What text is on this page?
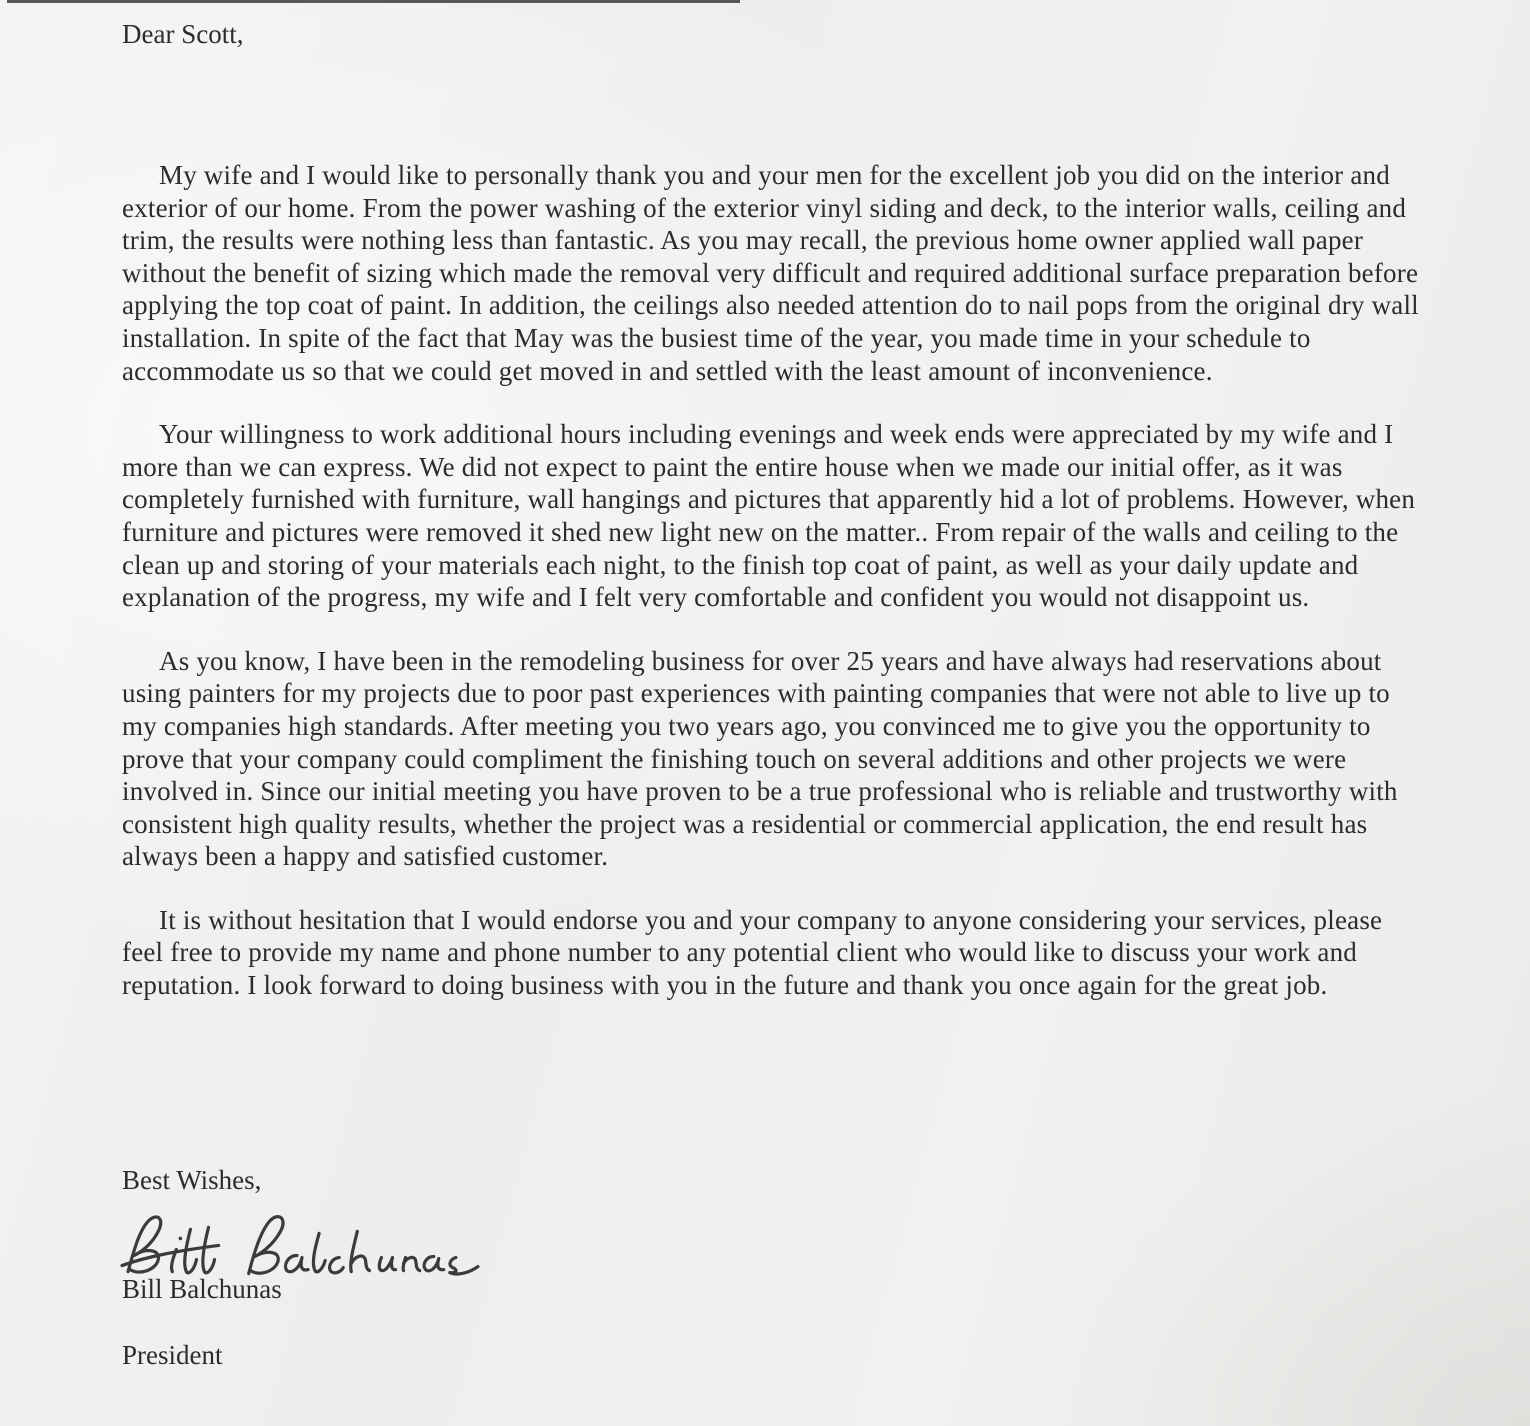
Dear Scott,

My wife and I would like to personally thank you and your men for the excellent job you did on the interior and exterior of our home. From the power washing of the exterior vinyl siding and deck, to the interior walls, ceiling and trim, the results were nothing less than fantastic. As you may recall, the previous home owner applied wall paper without the benefit of sizing which made the removal very difficult and required additional surface preparation before applying the top coat of paint. In addition, the ceilings also needed attention do to nail pops from the original dry wall installation. In spite of the fact that May was the busiest time of the year, you made time in your schedule to accommodate us so that we could get moved in and settled with the least amount of inconvenience.

Your willingness to work additional hours including evenings and week ends were appreciated by my wife and I more than we can express. We did not expect to paint the entire house when we made our initial offer, as it was completely furnished with furniture, wall hangings and pictures that apparently hid a lot of problems. However, when furniture and pictures were removed it shed new light new on the matter.. From repair of the walls and ceiling to the clean up and storing of your materials each night, to the finish top coat of paint, as well as your daily update and explanation of the progress, my wife and I felt very comfortable and confident you would not disappoint us.

As you know, I have been in the remodeling business for over 25 years and have always had reservations about using painters for my projects due to poor past experiences with painting companies that were not able to live up to my companies high standards. After meeting you two years ago, you convinced me to give you the opportunity to prove that your company could compliment the finishing touch on several additions and other projects we were involved in. Since our initial meeting you have proven to be a true professional who is reliable and trustworthy with consistent high quality results, whether the project was a residential or commercial application, the end result has always been a happy and satisfied customer.

It is without hesitation that I would endorse you and your company to anyone considering your services, please feel free to provide my name and phone number to any potential client who would like to discuss your work and reputation. I look forward to doing business with you in the future and thank you once again for the great job.

Best Wishes,

Bill Balchunas

President
